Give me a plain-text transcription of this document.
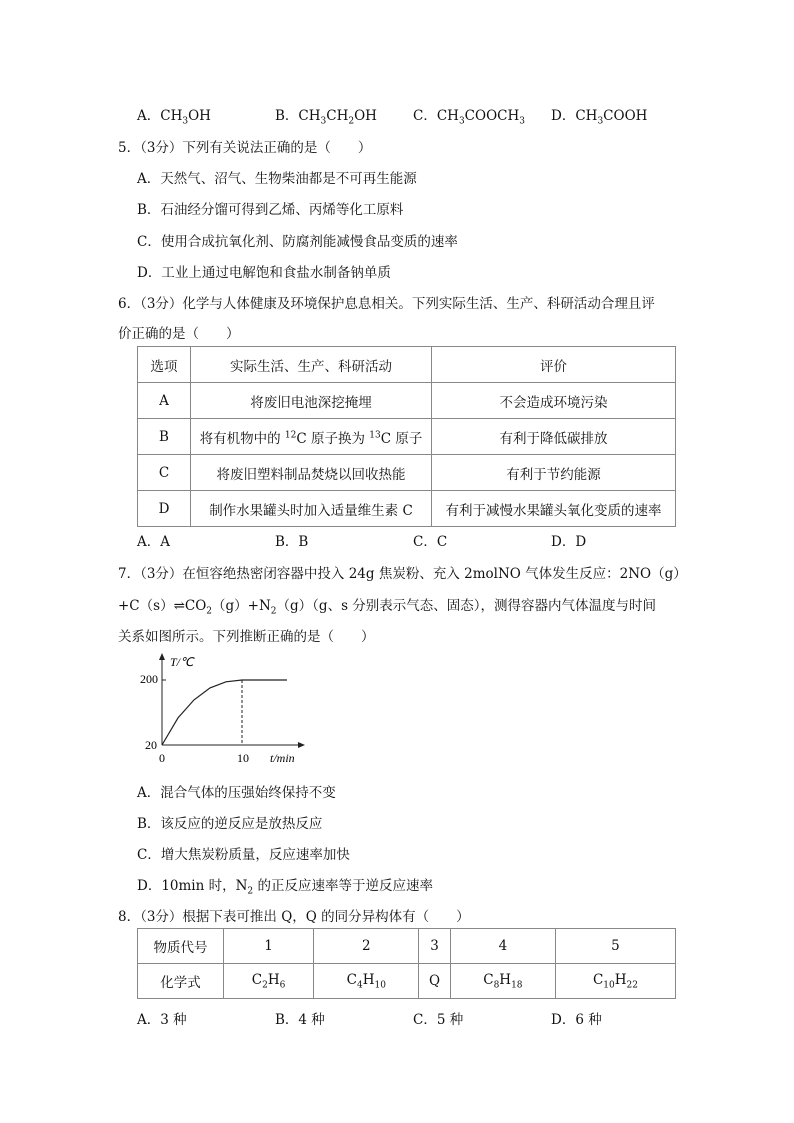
A．$CH_3OH$	B．$CH_3CH_2OH$	C．$CH_3COOCH_3$	D．$CH_3COOH$
5．（3分）下列有关说法正确的是（　　）
A．天然气、沼气、生物柴油都是不可再生能源
B．石油经分馏可得到乙烯、丙烯等化工原料
C．使用合成抗氧化剂、防腐剂能减慢食品变质的速率
D．工业上通过电解饱和食盐水制备钠单质
6．（3分）化学与人体健康及环境保护息息相关。下列实际生活、生产、科研活动合理且评
价正确的是（　　）
选项	实际生活、生产、科研活动	评价
A	将废旧电池深挖掩埋	不会造成环境污染
B	将有机物中的 $^{12}$C 原子换为 $^{13}$C 原子	有利于降低碳排放
C	将废旧塑料制品焚烧以回收热能	有利于节约能源
D	制作水果罐头时加入适量维生素 C	有利于减慢水果罐头氧化变质的速率
A．A	B．B	C．C	D．D
7．（3分）在恒容绝热密闭容器中投入 24g 焦炭粉、充入 2molNO 气体发生反应：2NO（g）
$+C(s)\rightleftharpoons CO_2(g)+N_2(g)(g$、s 分别表示气态、固态），测得容器内气体温度与时间
关系如图所示。下列推断正确的是（　　）
T/℃
t/min
0	10
20
200
A．混合气体的压强始终保持不变
B．该反应的逆反应是放热反应
C．增大焦炭粉质量，反应速率加快
D．10min 时，$N_2$ 的正反应速率等于逆反应速率
8．（3分）根据下表可推出 Q，Q 的同分异构体有（　　）
物质代号	1	2	3	4	5
化学式	$C_2H_6$	$C_4H_{10}$	Q	$C_8H_{18}$	$C_{10}H_{22}$
A．3 种	B．4 种	C．5 种	D．6 种
